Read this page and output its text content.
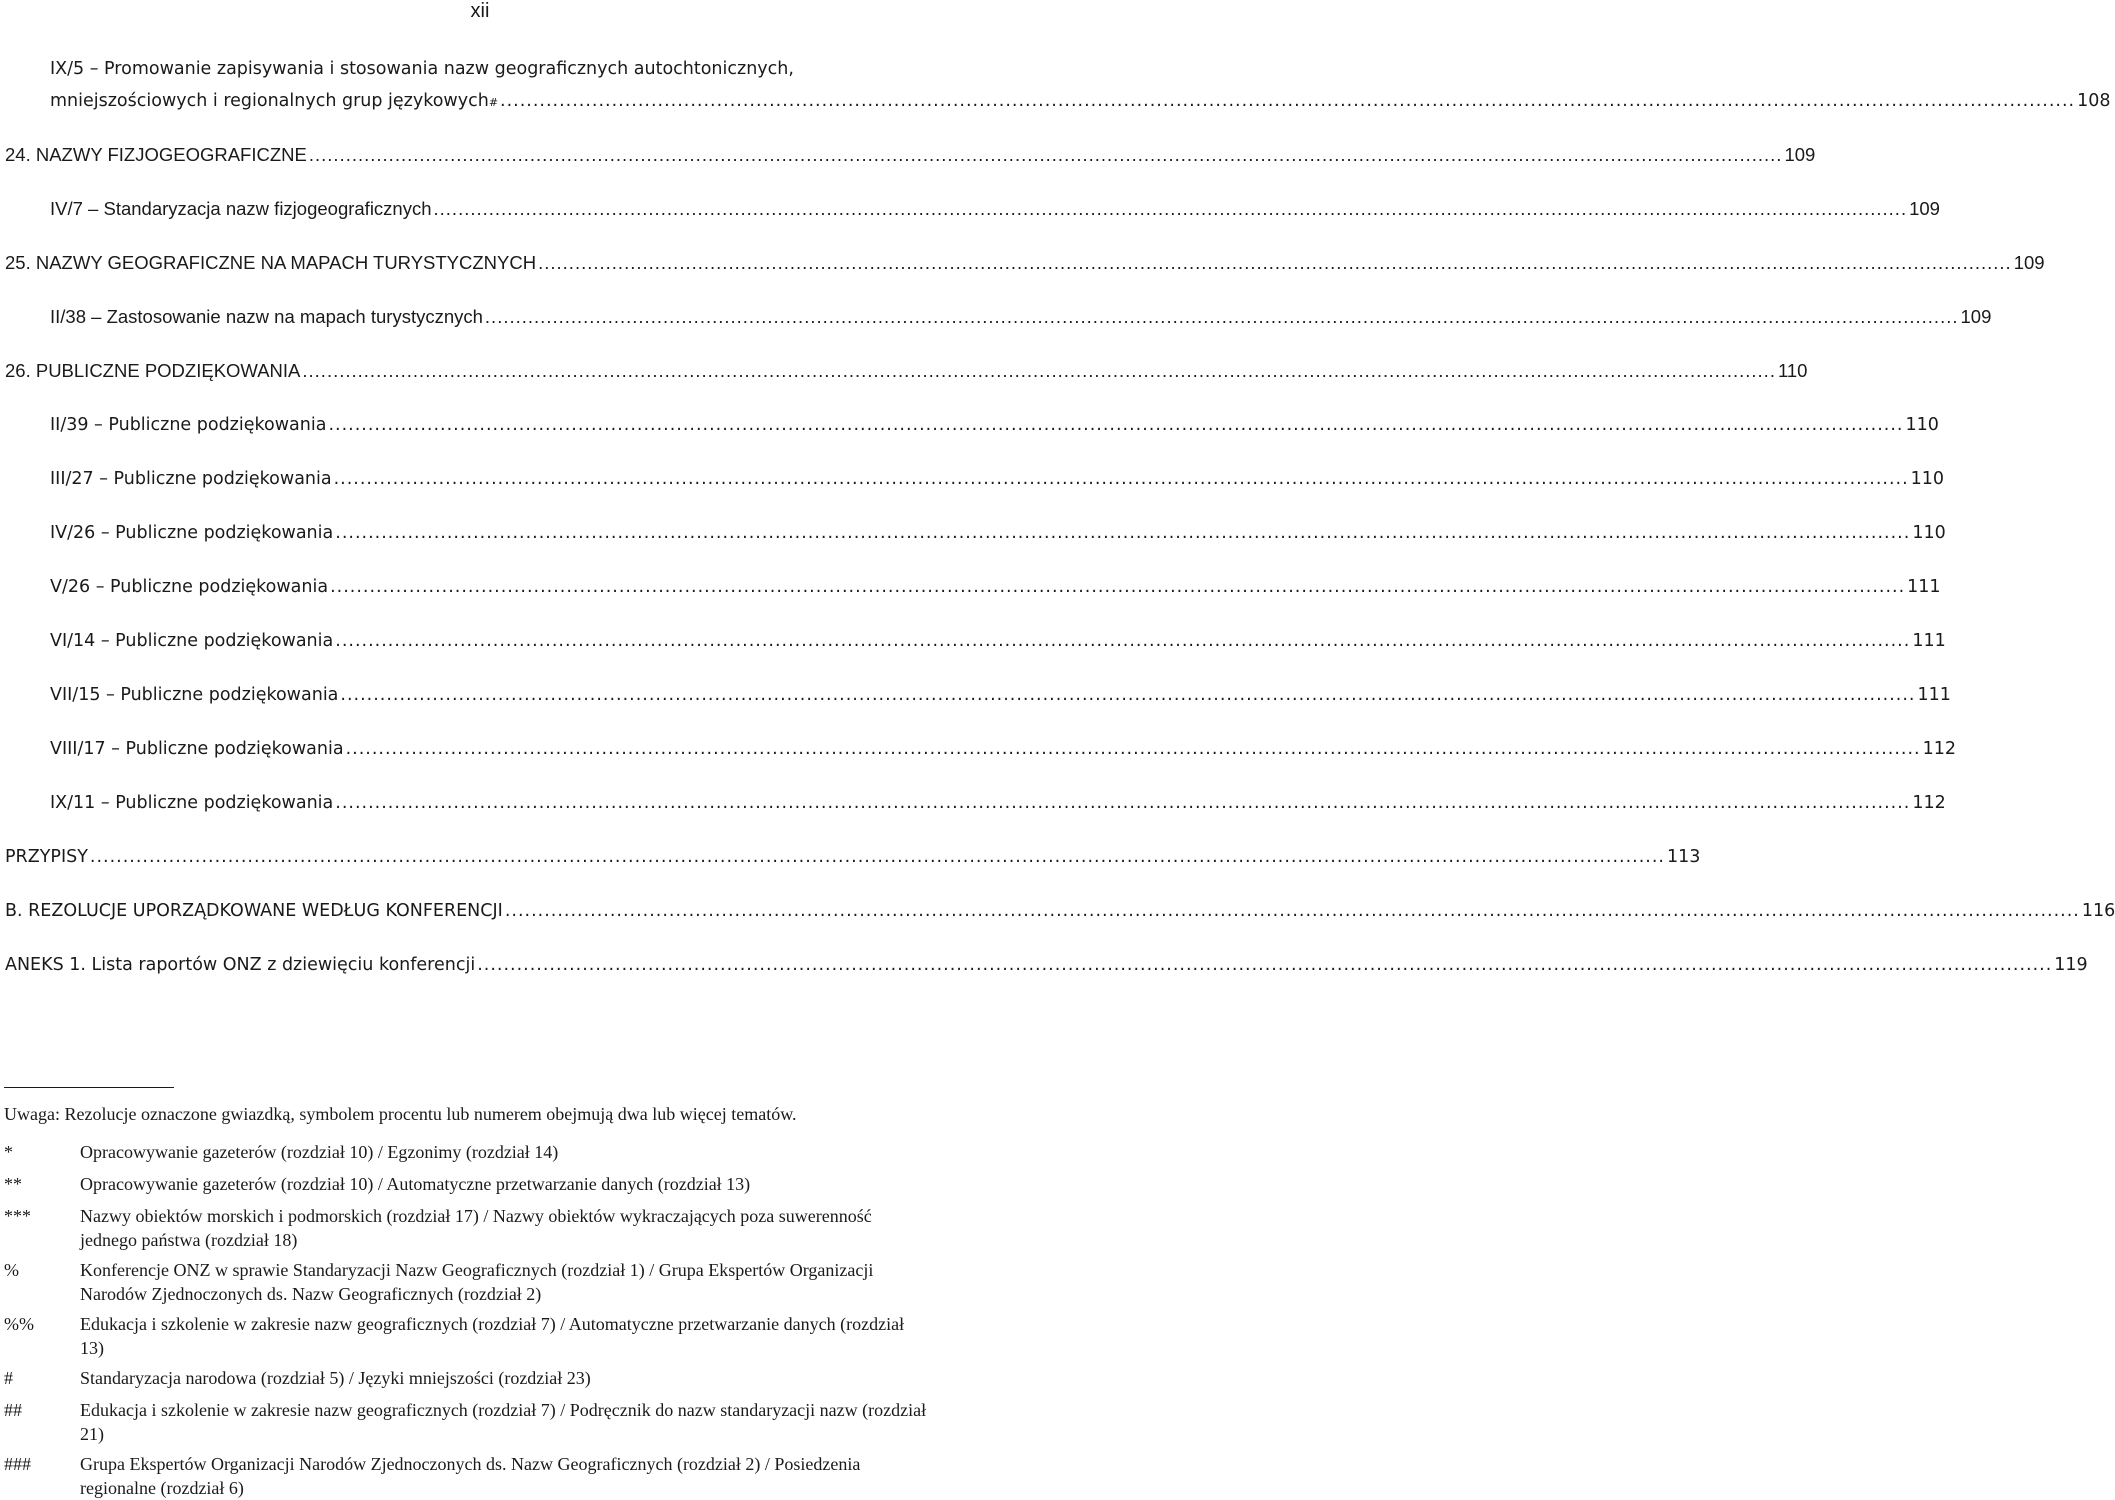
xii
IX/5 – Promowanie zapisywania i stosowania nazw geograficznych autochtonicznych,
mniejszościowych i regionalnych grup językowych # ................................................................................................................................................................................................................................................ 108
24. NAZWY FIZJOGEOGRAFICZNE ................................................................................................................................................................................................................................................ 109
IV/7 – Standaryzacja nazw fizjogeograficznych ................................................................................................................................................................................................................................................ 109
25. NAZWY GEOGRAFICZNE NA MAPACH TURYSTYCZNYCH ................................................................................................................................................................................................................................................ 109
II/38 – Zastosowanie nazw na mapach turystycznych ................................................................................................................................................................................................................................................ 109
26. PUBLICZNE PODZIĘKOWANIA ................................................................................................................................................................................................................................................ 110
II/39 – Publiczne podziękowania ................................................................................................................................................................................................................................................ 110
III/27 – Publiczne podziękowania ................................................................................................................................................................................................................................................ 110
IV/26 – Publiczne podziękowania ................................................................................................................................................................................................................................................ 110
V/26 – Publiczne podziękowania ................................................................................................................................................................................................................................................ 111
VI/14 – Publiczne podziękowania ................................................................................................................................................................................................................................................ 111
VII/15 – Publiczne podziękowania ................................................................................................................................................................................................................................................ 111
VIII/17 – Publiczne podziękowania ................................................................................................................................................................................................................................................ 112
IX/11 – Publiczne podziękowania ................................................................................................................................................................................................................................................ 112
PRZYPISY ................................................................................................................................................................................................................................................ 113
B. REZOLUCJE UPORZĄDKOWANE WEDŁUG KONFERENCJI ................................................................................................................................................................................................................................................ 116
ANEKS 1. Lista raportów ONZ z dziewięciu konferencji ................................................................................................................................................................................................................................................ 119
Uwaga: Rezolucje oznaczone gwiazdką, symbolem procentu lub numerem obejmują dwa lub więcej tematów.
*	Opracowywanie gazeterów (rozdział 10) / Egzonimy (rozdział 14)
**	Opracowywanie gazeterów (rozdział 10) / Automatyczne przetwarzanie danych (rozdział 13)
***	Nazwy obiektów morskich i podmorskich (rozdział 17) / Nazwy obiektów wykraczających poza suwerenność jednego państwa (rozdział 18)
%	Konferencje ONZ w sprawie Standaryzacji Nazw Geograficznych (rozdział 1) / Grupa Ekspertów Organizacji Narodów Zjednoczonych ds. Nazw Geograficznych (rozdział 2)
%%	Edukacja i szkolenie w zakresie nazw geograficznych (rozdział 7) / Automatyczne przetwarzanie danych (rozdział 13)
#	Standaryzacja narodowa (rozdział 5) / Języki mniejszości (rozdział 23)
##	Edukacja i szkolenie w zakresie nazw geograficznych (rozdział 7) / Podręcznik do nazw standaryzacji nazw (rozdział 21)
###	Grupa Ekspertów Organizacji Narodów Zjednoczonych ds. Nazw Geograficznych (rozdział 2) / Posiedzenia regionalne (rozdział 6)
